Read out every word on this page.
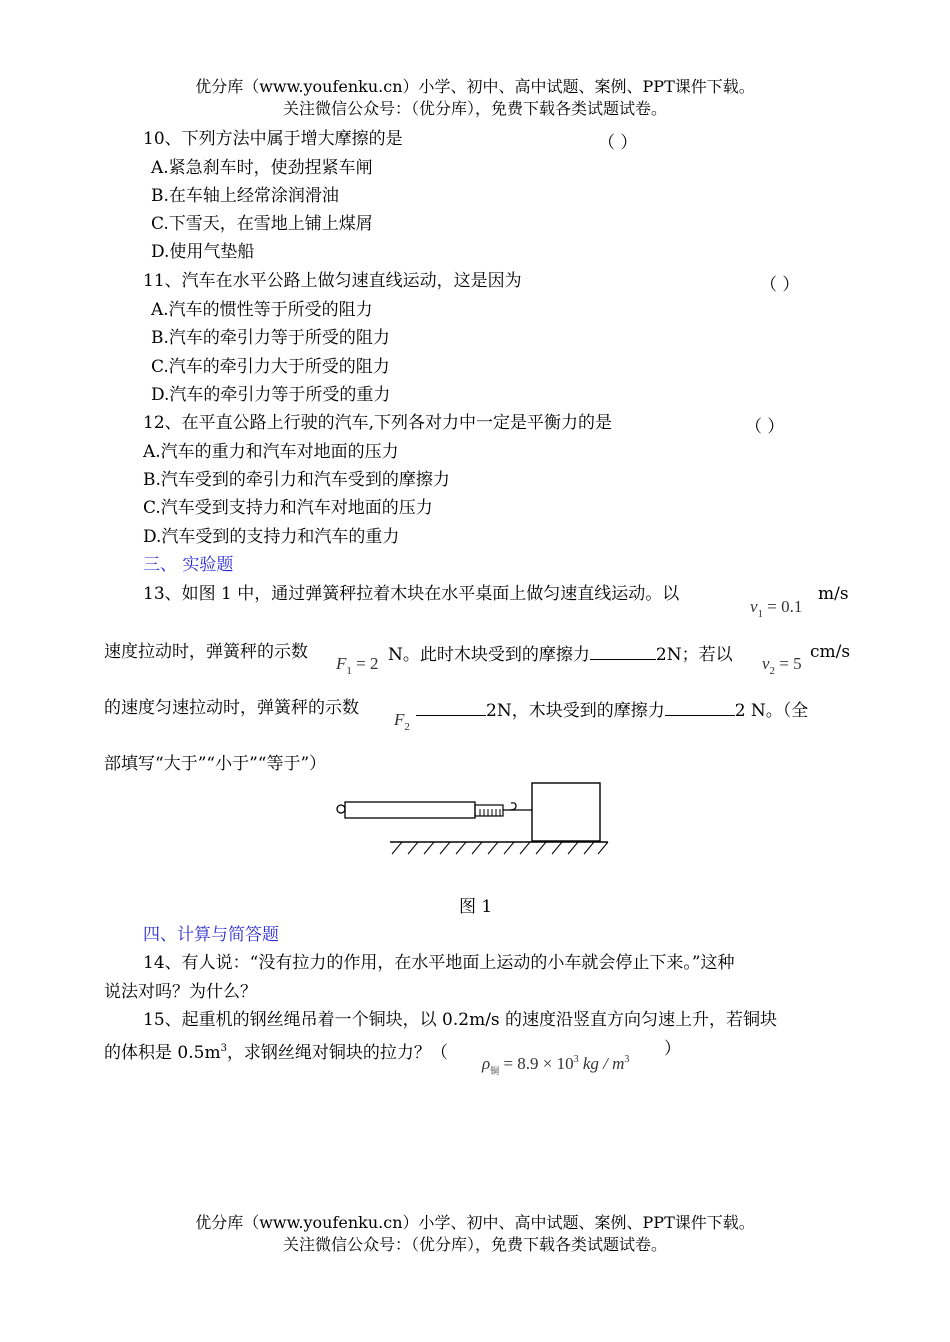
优分库（www.youfenku.cn）小学、初中、高中试题、案例、PPT课件下载。
关注微信公众号：（优分库），免费下载各类试题试卷。
10、下列方法中属于增大摩擦的是	（ ）
A.紧急刹车时，使劲捏紧车闸
B.在车轴上经常涂润滑油
C.下雪天，在雪地上铺上煤屑
D.使用气垫船
11、汽车在水平公路上做匀速直线运动，这是因为	（ ）
A.汽车的惯性等于所受的阻力
B.汽车的牵引力等于所受的阻力
C.汽车的牵引力大于所受的阻力
D.汽车的牵引力等于所受的重力
12、在平直公路上行驶的汽车,下列各对力中一定是平衡力的是	（ ）
A.汽车的重力和汽车对地面的压力
B.汽车受到的牵引力和汽车受到的摩擦力
C.汽车受到支持力和汽车对地面的压力
D.汽车受到的支持力和汽车的重力
三、 实验题
13、如图 1 中，通过弹簧秤拉着木块在水平桌面上做匀速直线运动。以
$v_1 = 0.1$
m/s
速度拉动时，弹簧秤的示数
$F_1 = 2$ N。此时木块受到的摩擦力	2N；若以 $v_2 = 5$
cm/s
的速度匀速拉动时，弹簧秤的示数
$F_2$
2N，木块受到的摩擦力	2 N。（全
部填写“大于”“小于”“等于”）
图 1
四、计算与简答题
14、有人说：“没有拉力的作用，在水平地面上运动的小车就会停止下来。”这种
说法对吗？为什么？
15、起重机的钢丝绳吊着一个铜块，以 0.2m/s 的速度沿竖直方向匀速上升，若铜块
的体积是 $0.5m^3$，求钢丝绳对铜块的拉力？（
$\rho_铜 = 8.9 \times 10^3$ kg / $m^3$
）
优分库（www.youfenku.cn）小学、初中、高中试题、案例、PPT课件下载。
关注微信公众号：（优分库），免费下载各类试题试卷。
